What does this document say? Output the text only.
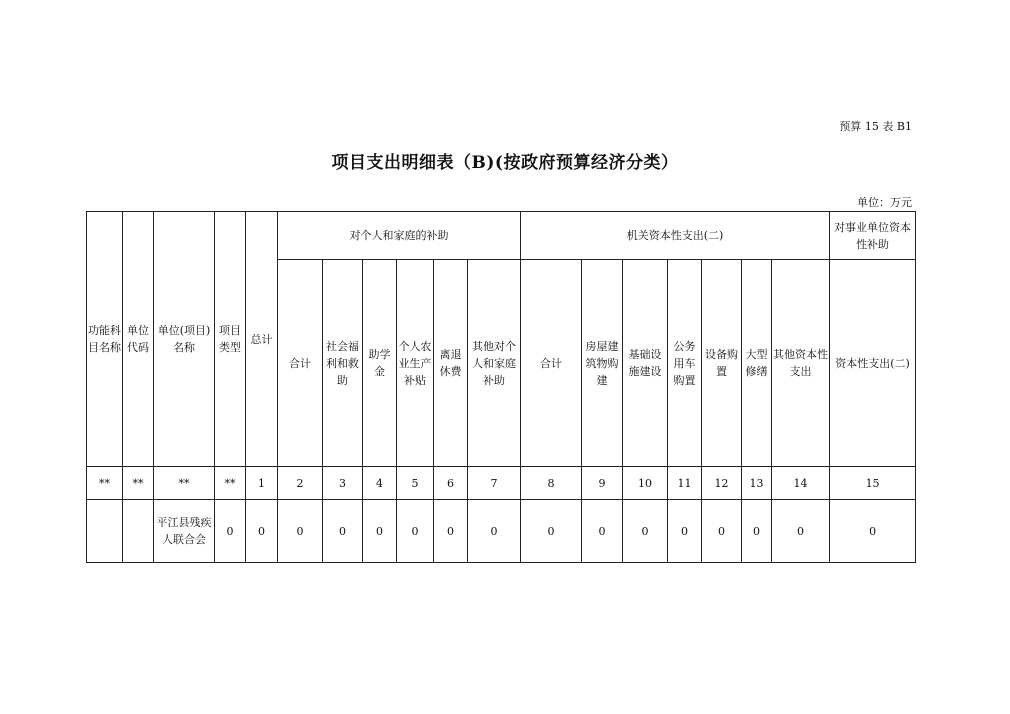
预算 15 表 B1
项目支出明细表（B)(按政府预算经济分类）
单位：万元
功能科目名称	单位代码	单位(项目)名称	项目类型	总计	对个人和家庭的补助						机关资本性支出(二)							对事业单位资本性补助
					合计	社会福利和救助	助学金	个人农业生产补贴	离退休费	其他对个人和家庭补助	合计	房屋建筑物购建	基础设施建设	公务用车购置	设备购置	大型修缮	其他资本性支出	资本性支出(二)
**	**	**	**	1	2	3	4	5	6	7	8	9	10	11	12	13	14	15
		平江县残疾人联合会	0	0	0	0	0	0	0	0	0	0	0	0	0	0	0	0
